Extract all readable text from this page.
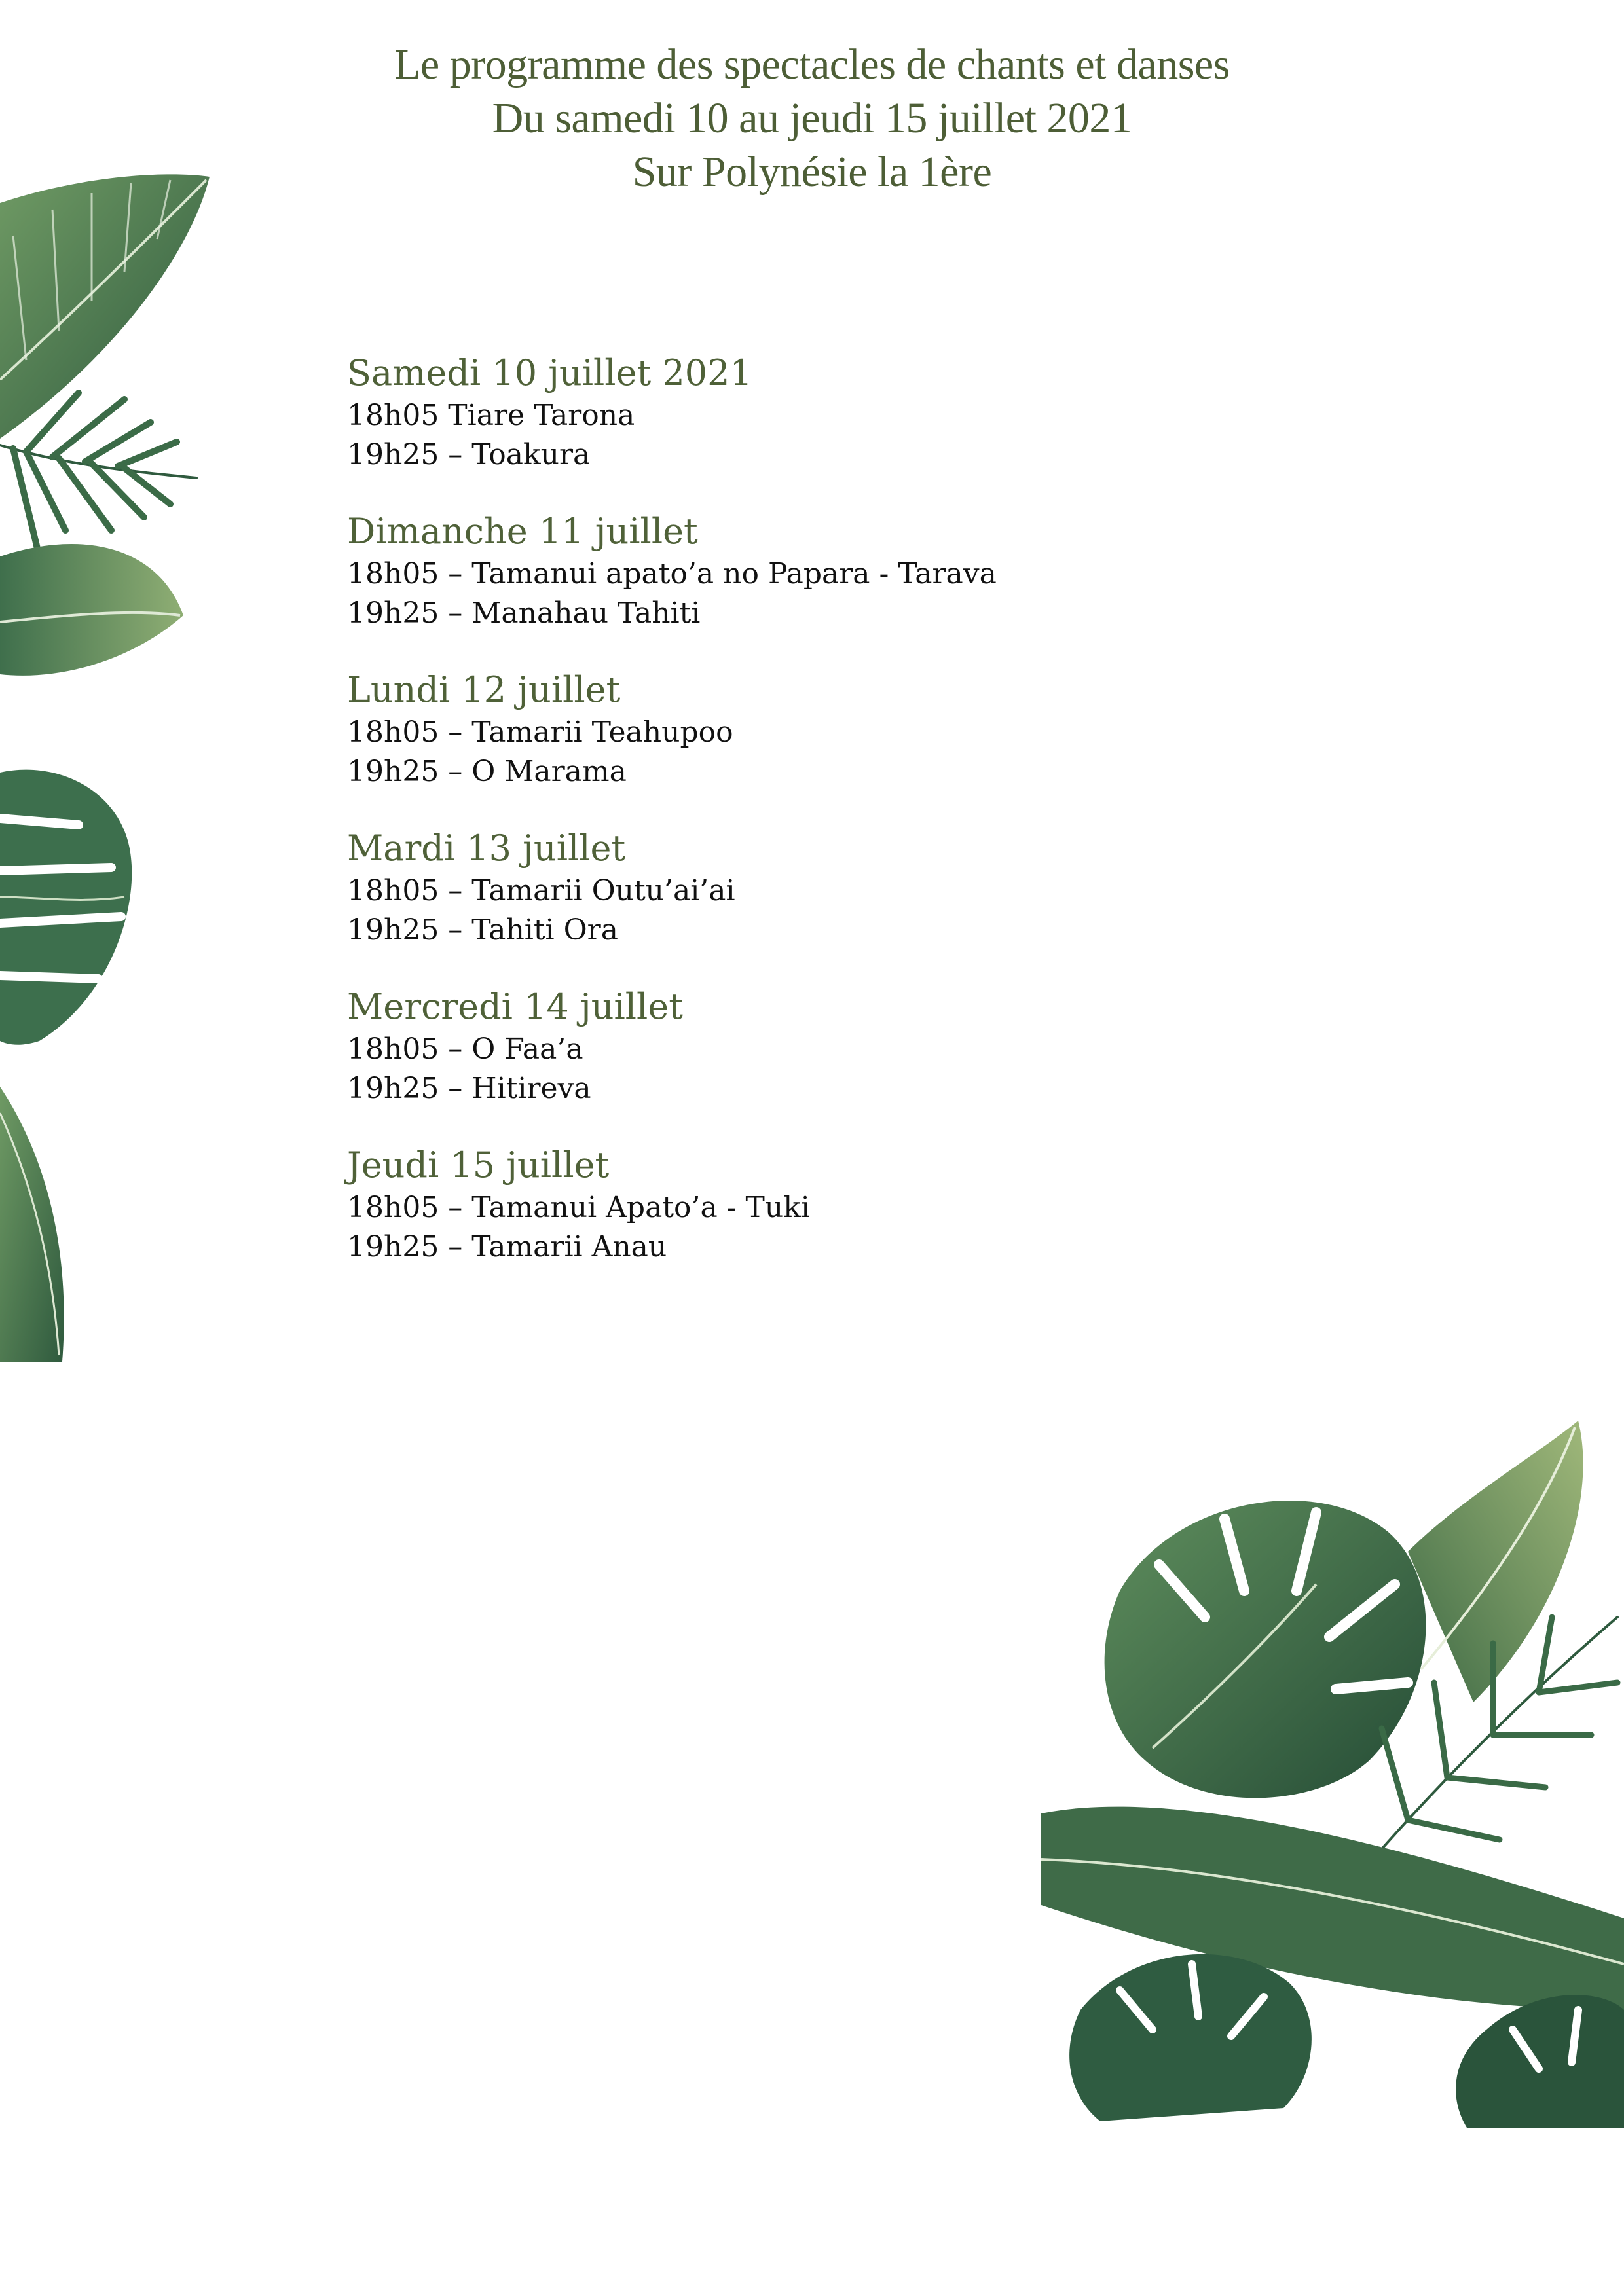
Le programme des spectacles de chants et danses
Du samedi 10 au jeudi 15 juillet 2021
Sur Polynésie la 1ère
Samedi 10 juillet 2021
18h05 Tiare Tarona
19h25 – Toakura
Dimanche 11 juillet
18h05 – Tamanui apato’a no Papara - Tarava
19h25 – Manahau Tahiti
Lundi 12 juillet
18h05 – Tamarii Teahupoo
19h25 – O Marama
Mardi 13 juillet
18h05 – Tamarii Outu’ai’ai
19h25 – Tahiti Ora
Mercredi 14 juillet
18h05 – O Faa’a
19h25 – Hitireva
Jeudi 15 juillet
18h05 – Tamanui Apato’a - Tuki
19h25 – Tamarii Anau
